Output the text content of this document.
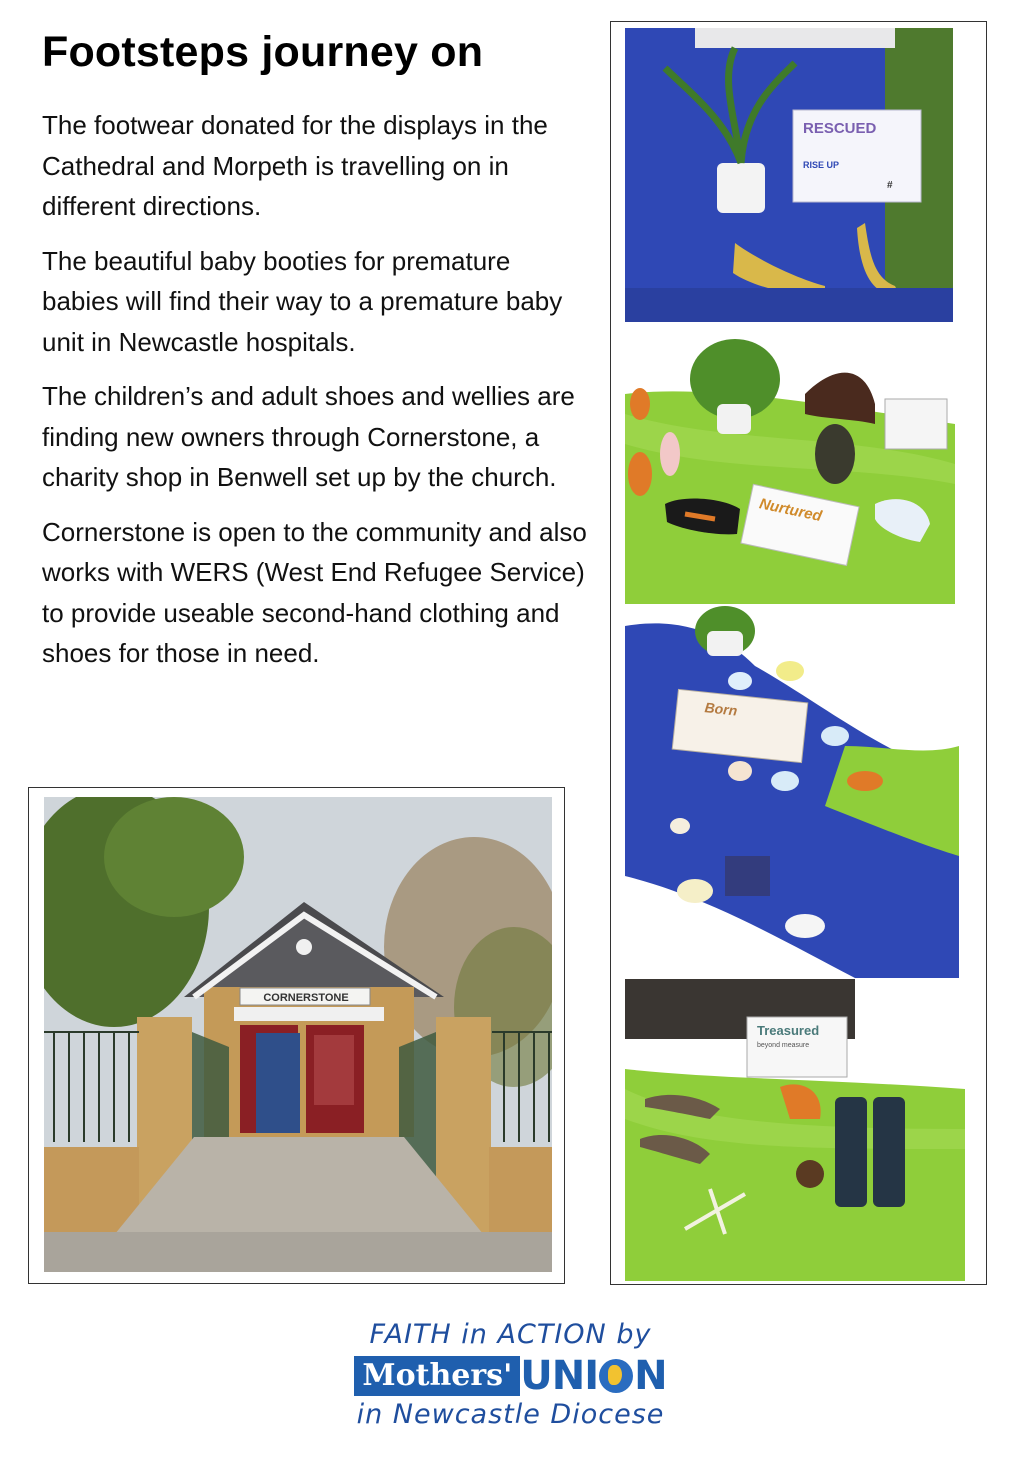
Footsteps journey on

The footwear donated for the displays in the Cathedral and Morpeth is travelling on in different directions.

The beautiful baby booties for premature babies will find their way to a premature baby unit in Newcastle hospitals.

The children’s and adult shoes and wellies are finding new owners through Cornerstone, a charity shop in Benwell set up by the church.

Cornerstone is open to the community and also works with WERS (West End Refugee Service) to provide useable second-hand clothing and shoes for those in need.

CORNERSTONE
RESCUED
RISE UP
#
Nurtured
Born
Treasured
beyond measure
FAITH in ACTION by
Mothers' UNI N
in Newcastle Diocese
